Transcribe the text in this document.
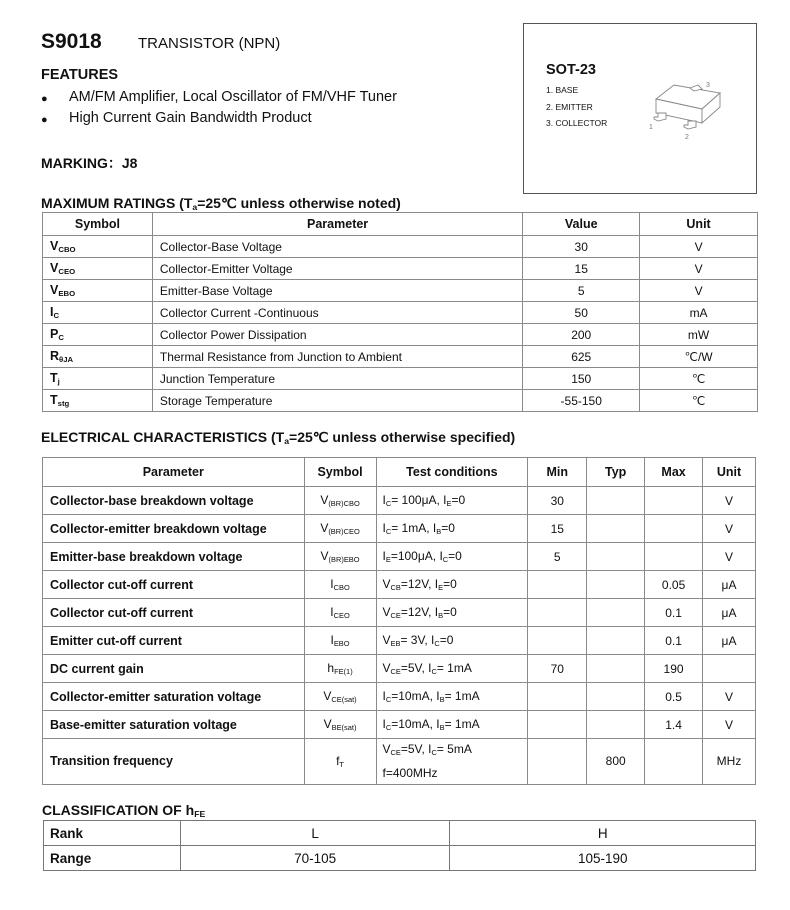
S9018 TRANSISTOR (NPN)
FEATURES
●	AM/FM Amplifier, Local Oscillator of FM/VHF Tuner
●	High Current Gain Bandwidth Product
MARKING：J8
SOT-23
1. BASE
2. EMITTER
3. COLLECTOR
3
1
2
MAXIMUM RATINGS ($T_a=25℃$ unless otherwise noted)
Symbol	Parameter	Value	Unit
$V_{CBO}$	Collector-Base Voltage	30	V
$V_{CEO}$	Collector-Emitter Voltage	15	V
$V_{EBO}$	Emitter-Base Voltage	5	V
$I_C$	Collector Current -Continuous	50	mA
$P_C$	Collector Power Dissipation	200	mW
$R_{\theta JA}$	Thermal Resistance from Junction to Ambient	625	℃/W
$T_j$	Junction Temperature	150	℃
$T_{stg}$	Storage Temperature	-55-150	℃
ELECTRICAL CHARACTERISTICS ($T_a=25℃$ unless otherwise specified)
Parameter	Symbol	Test conditions	Min	Typ	Max	Unit
Collector-base breakdown voltage	$V_{(BR)CBO}$	$I_C= 100\mu A$, $I_E=0$	30			V
Collector-emitter breakdown voltage	$V_{(BR)CEO}$	$I_C= 1mA$, $I_B=0$	15			V
Emitter-base breakdown voltage	$V_{(BR)EBO}$	$I_E=100\mu A$, $I_C=0$	5			V
Collector cut-off current	$I_{CBO}$	$V_{CB}=12V$, $I_E=0$			0.05	μA
Collector cut-off current	$I_{CEO}$	$V_{CE}=12V$, $I_B=0$			0.1	μA
Emitter cut-off current	$I_{EBO}$	$V_{EB}= 3V$, $I_C=0$			0.1	μA
DC current gain	$h_{FE(1)}$	$V_{CE}=5V$, $I_C= 1mA$	70		190	
Collector-emitter saturation voltage	$V_{CE(sat)}$	$I_C=10mA$, $I_B= 1mA$			0.5	V
Base-emitter saturation voltage	$V_{BE(sat)}$	$I_C=10mA$, $I_B= 1mA$			1.4	V
Transition frequency	$f_T$	$V_{CE}=5V$, $I_C= 5mA$
f=400MHz		800		MHz
CLASSIFICATION OF $h_{FE}$
Rank	L	H
Range	70-105	105-190
